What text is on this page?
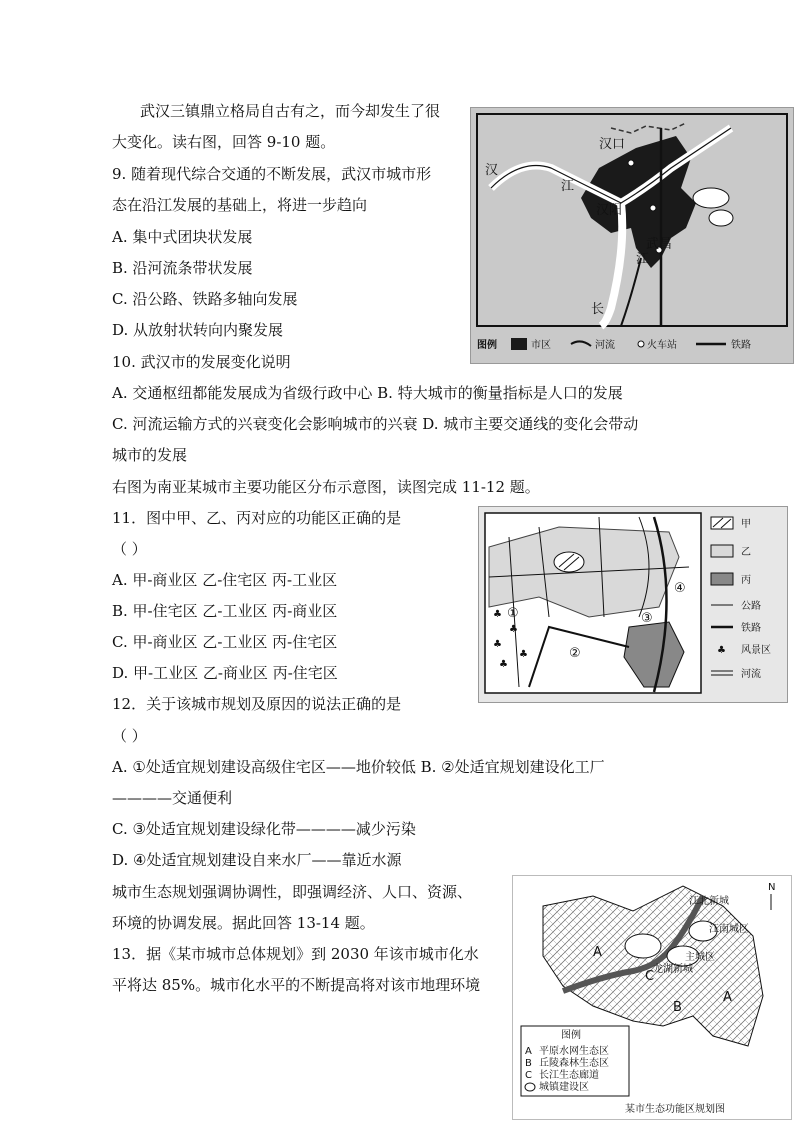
武汉三镇鼎立格局自古有之，而今却发生了很
大变化。读右图，回答 9-10 题。
9. 随着现代综合交通的不断发展，武汉市城市形
态在沿江发展的基础上，将进一步趋向
A. 集中式团块状发展
B. 沿河流条带状发展
C. 沿公路、铁路多轴向发展
D. 从放射状转向内聚发展
10. 武汉市的发展变化说明
A. 交通枢纽都能发展成为省级行政中心 B. 特大城市的衡量指标是人口的发展
C. 河流运输方式的兴衰变化会影响城市的兴衰 D. 城市主要交通线的变化会带动
城市的发展
右图为南亚某城市主要功能区分布示意图，读图完成 11-12 题。
11．图中甲、乙、丙对应的功能区正确的是
（ ）
A. 甲-商业区 乙-住宅区 丙-工业区
B. 甲-住宅区 乙-工业区 丙-商业区
C. 甲-商业区 乙-工业区 丙-住宅区
D. 甲-工业区 乙-商业区 丙-住宅区
12．关于该城市规划及原因的说法正确的是
（ ）
A. ①处适宜规划建设高级住宅区——地价较低 B. ②处适宜规划建设化工厂
————交通便利
C. ③处适宜规划建设绿化带————减少污染
D. ④处适宜规划建设自来水厂——靠近水源
城市生态规划强调协调性，即强调经济、人口、资源、
环境的协调发展。据此回答 13-14 题。
13．据《某市城市总体规划》到 2030 年该市城市化水
平将达 85%。城市化水平的不断提高将对该市地理环境
汉口
汉
江
汉阳
武昌
江
长
图例	市区	河流	火车站	铁路
♣
♣
♣
♣
♣
①
②
③
④
甲
乙
丙
公路
铁路
♣ 风景区
河流
N
江北新城
江南城区
主城区
龙湖新城
A
A
B
C
图例
A 平原水网生态区
B 丘陵森林生态区
C 长江生态廊道
城镇建设区
某市生态功能区规划图
